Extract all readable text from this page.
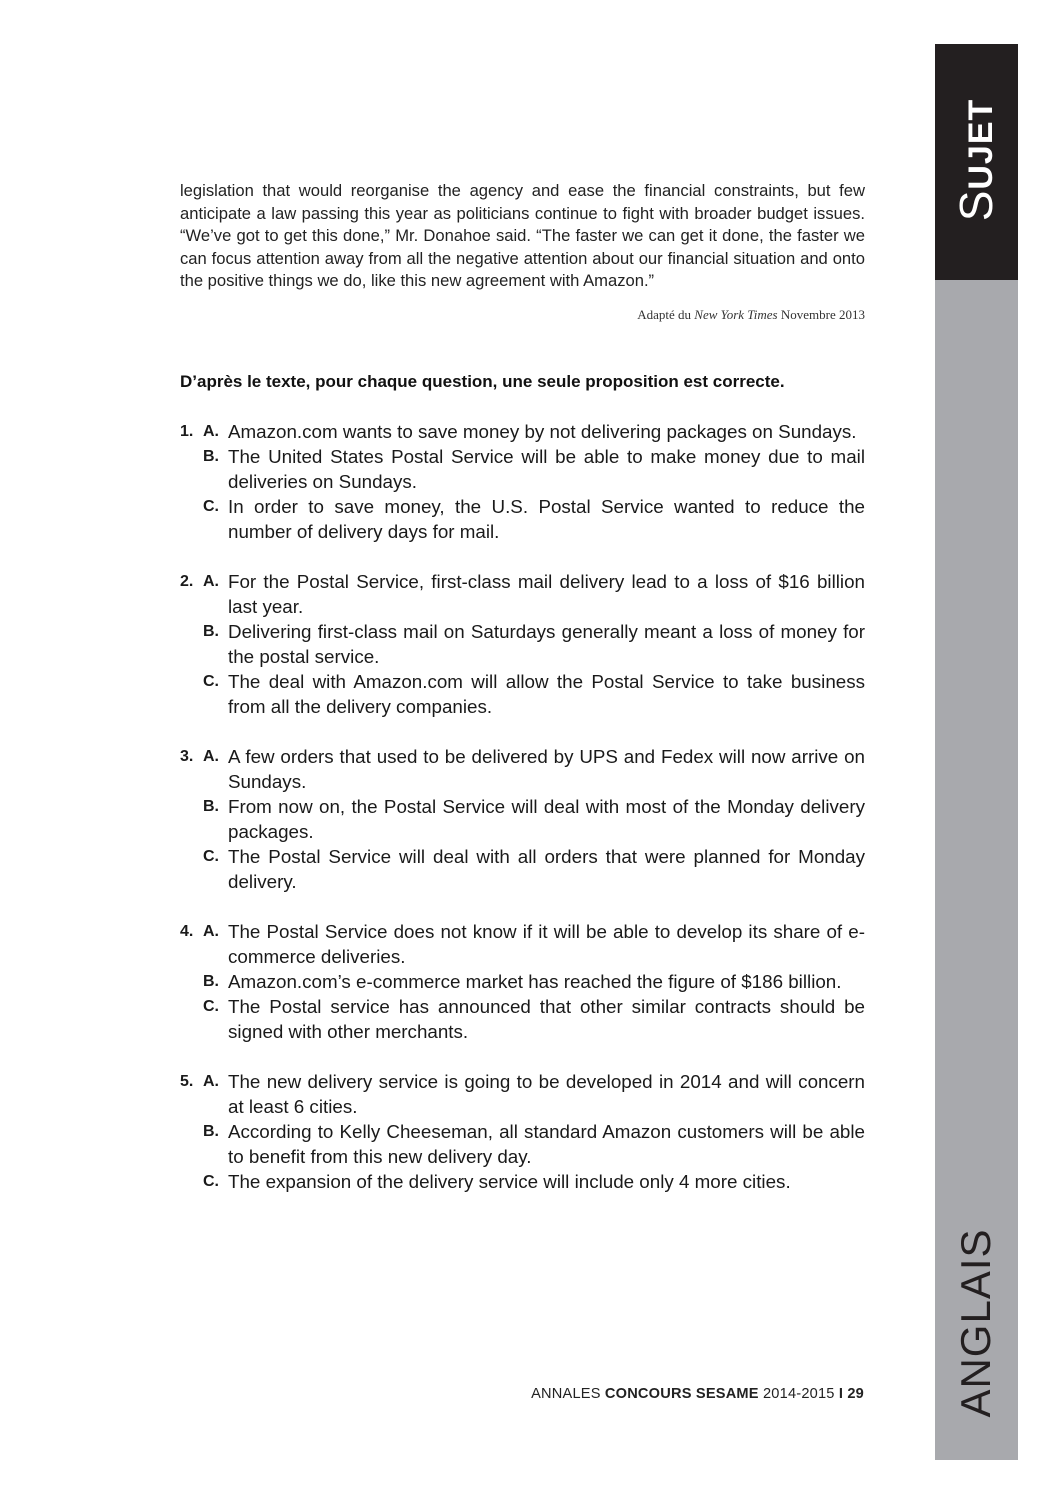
legislation that would reorganise the agency and ease the financial constraints, but few anticipate a law passing this year as politicians continue to fight with broader budget issues. “We’ve got to get this done,” Mr. Donahoe said. “The faster we can get it done, the faster we can focus attention away from all the negative attention about our financial situation and onto the positive things we do, like this new agreement with Amazon.”

Adapté du New York Times Novembre 2013
D’après le texte, pour chaque question, une seule proposition est correcte.
1. A. Amazon.com wants to save money by not delivering packages on Sundays.
B. The United States Postal Service will be able to make money due to mail deliveries on Sundays.
C. In order to save money, the U.S. Postal Service wanted to reduce the number of delivery days for mail.
2. A. For the Postal Service, first-class mail delivery lead to a loss of $16 billion last year.
B. Delivering first-class mail on Saturdays generally meant a loss of money for the postal service.
C. The deal with Amazon.com will allow the Postal Service to take business from all the delivery companies.
3. A. A few orders that used to be delivered by UPS and Fedex will now arrive on Sundays.
B. From now on, the Postal Service will deal with most of the Monday delivery packages.
C. The Postal Service will deal with all orders that were planned for Monday delivery.
4. A. The Postal Service does not know if it will be able to develop its share of e-commerce deliveries.
B. Amazon.com’s e-commerce market has reached the figure of $186 billion.
C. The Postal service has announced that other similar contracts should be signed with other merchants.
5. A. The new delivery service is going to be developed in 2014 and will concern at least 6 cities.
B. According to Kelly Cheeseman, all standard Amazon customers will be able to benefit from this new delivery day.
C. The expansion of the delivery service will include only 4 more cities.
ANNALES CONCOURS SESAME 2014-2015 I 29
SUJET
ANGLAIS
